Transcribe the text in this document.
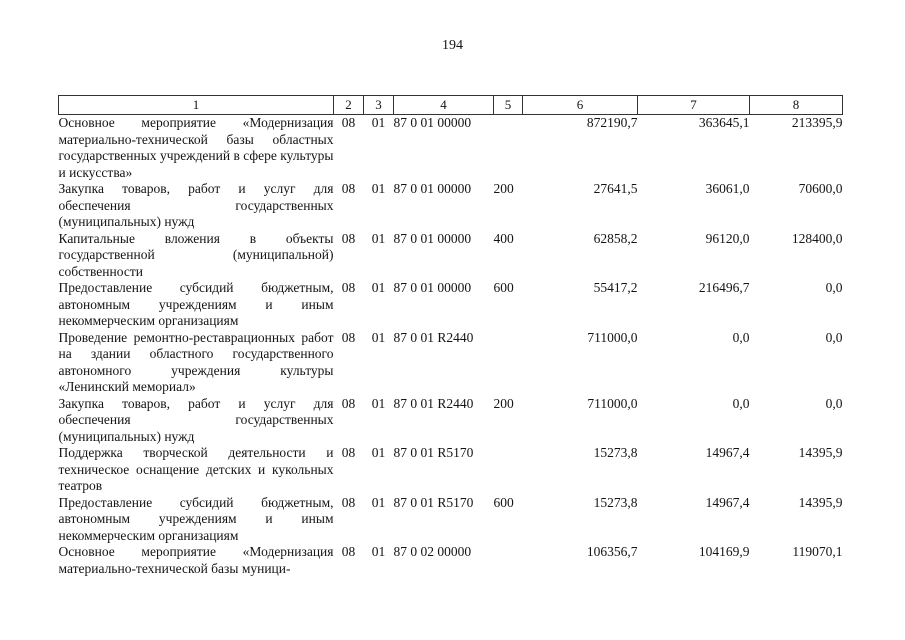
194
1	2	3	4	5	6	7	8
Основное мероприятие «Модернизация материально-технической базы областных государственных учреждений в сфере культуры и искусства»	08	01	87 0 01 00000		872190,7	363645,1	213395,9
Закупка товаров, работ и услуг для обеспечения государственных (муниципальных) нужд	08	01	87 0 01 00000	200	27641,5	36061,0	70600,0
Капитальные вложения в объекты государственной (муниципальной) собственности	08	01	87 0 01 00000	400	62858,2	96120,0	128400,0
Предоставление субсидий бюджетным, автономным учреждениям и иным некоммерческим организациям	08	01	87 0 01 00000	600	55417,2	216496,7	0,0
Проведение ремонтно-реставрационных работ на здании областного государственного автономного учреждения культуры «Ленинский мемориал»	08	01	87 0 01 R2440		711000,0	0,0	0,0
Закупка товаров, работ и услуг для обеспечения государственных (муниципальных) нужд	08	01	87 0 01 R2440	200	711000,0	0,0	0,0
Поддержка творческой деятельности и техническое оснащение детских и кукольных театров	08	01	87 0 01 R5170		15273,8	14967,4	14395,9
Предоставление субсидий бюджетным, автономным учреждениям и иным некоммерческим организациям	08	01	87 0 01 R5170	600	15273,8	14967,4	14395,9
Основное мероприятие «Модернизация материально-технической базы муници-	08	01	87 0 02 00000		106356,7	104169,9	119070,1
